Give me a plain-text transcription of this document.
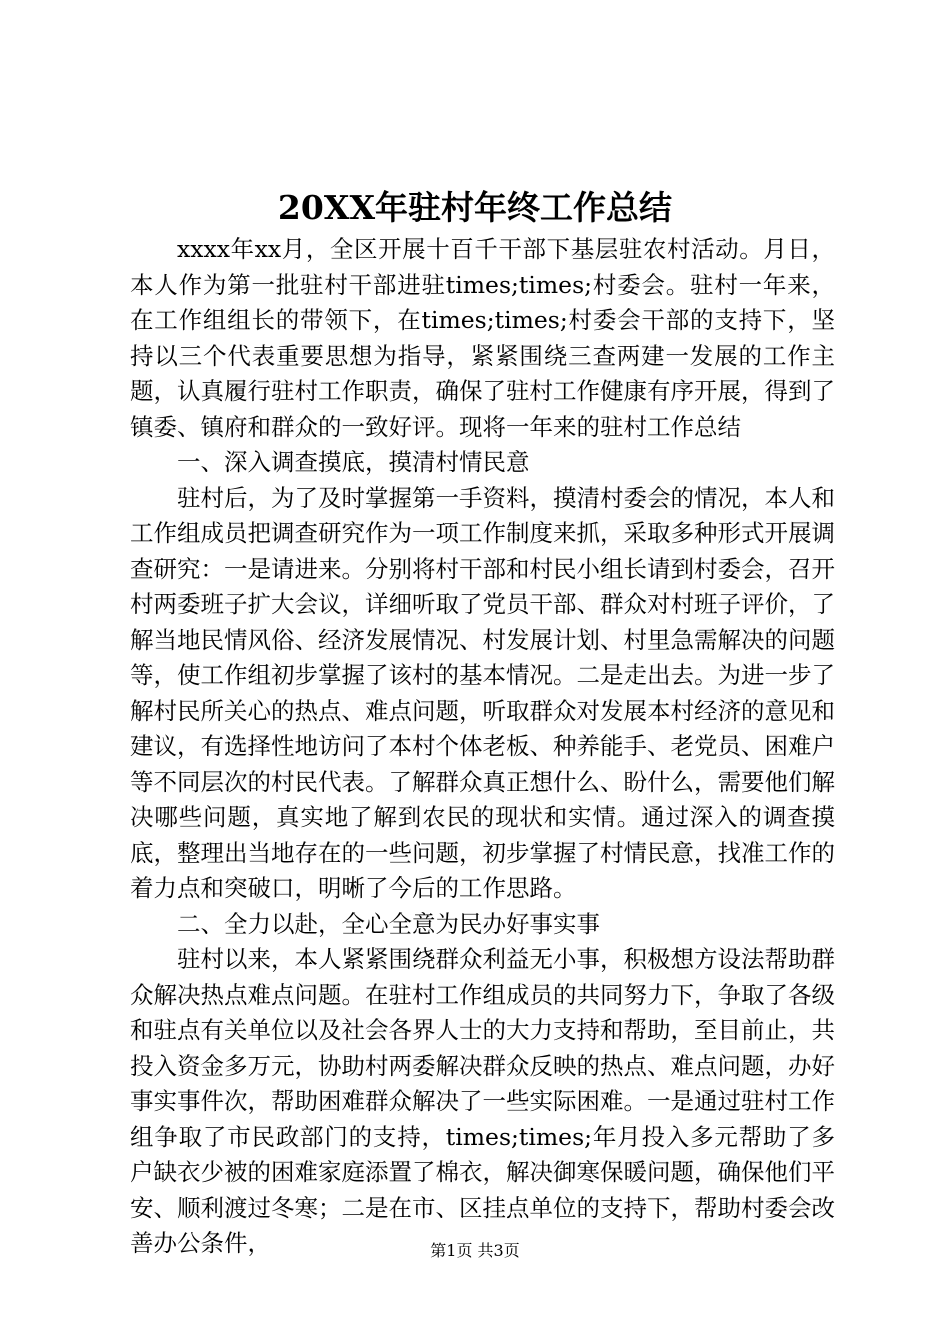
20XX年驻村年终工作总结

xxxx年xx月，全区开展十百千干部下基层驻农村活动。月日，本人作为第一批驻村干部进驻times;times;村委会。驻村一年来，在工作组组长的带领下，在times;times;村委会干部的支持下，坚持以三个代表重要思想为指导，紧紧围绕三查两建一发展的工作主题，认真履行驻村工作职责，确保了驻村工作健康有序开展，得到了镇委、镇府和群众的一致好评。现将一年来的驻村工作总结

一、深入调查摸底，摸清村情民意

驻村后，为了及时掌握第一手资料，摸清村委会的情况，本人和工作组成员把调查研究作为一项工作制度来抓，采取多种形式开展调查研究：一是请进来。分别将村干部和村民小组长请到村委会，召开村两委班子扩大会议，详细听取了党员干部、群众对村班子评价，了解当地民情风俗、经济发展情况、村发展计划、村里急需解决的问题等，使工作组初步掌握了该村的基本情况。二是走出去。为进一步了解村民所关心的热点、难点问题，听取群众对发展本村经济的意见和建议，有选择性地访问了本村个体老板、种养能手、老党员、困难户等不同层次的村民代表。了解群众真正想什么、盼什么，需要他们解决哪些问题，真实地了解到农民的现状和实情。通过深入的调查摸底，整理出当地存在的一些问题，初步掌握了村情民意，找准工作的着力点和突破口，明晰了今后的工作思路。

二、全力以赴，全心全意为民办好事实事

驻村以来，本人紧紧围绕群众利益无小事，积极想方设法帮助群众解决热点难点问题。在驻村工作组成员的共同努力下，争取了各级和驻点有关单位以及社会各界人士的大力支持和帮助，至目前止，共投入资金多万元，协助村两委解决群众反映的热点、难点问题，办好事实事件次，帮助困难群众解决了一些实际困难。一是通过驻村工作组争取了市民政部门的支持，times;times;年月投入多元帮助了多户缺衣少被的困难家庭添置了棉衣，解决御寒保暖问题，确保他们平安、顺利渡过冬寒；二是在市、区挂点单位的支持下，帮助村委会改善办公条件，	第1页 共3页
